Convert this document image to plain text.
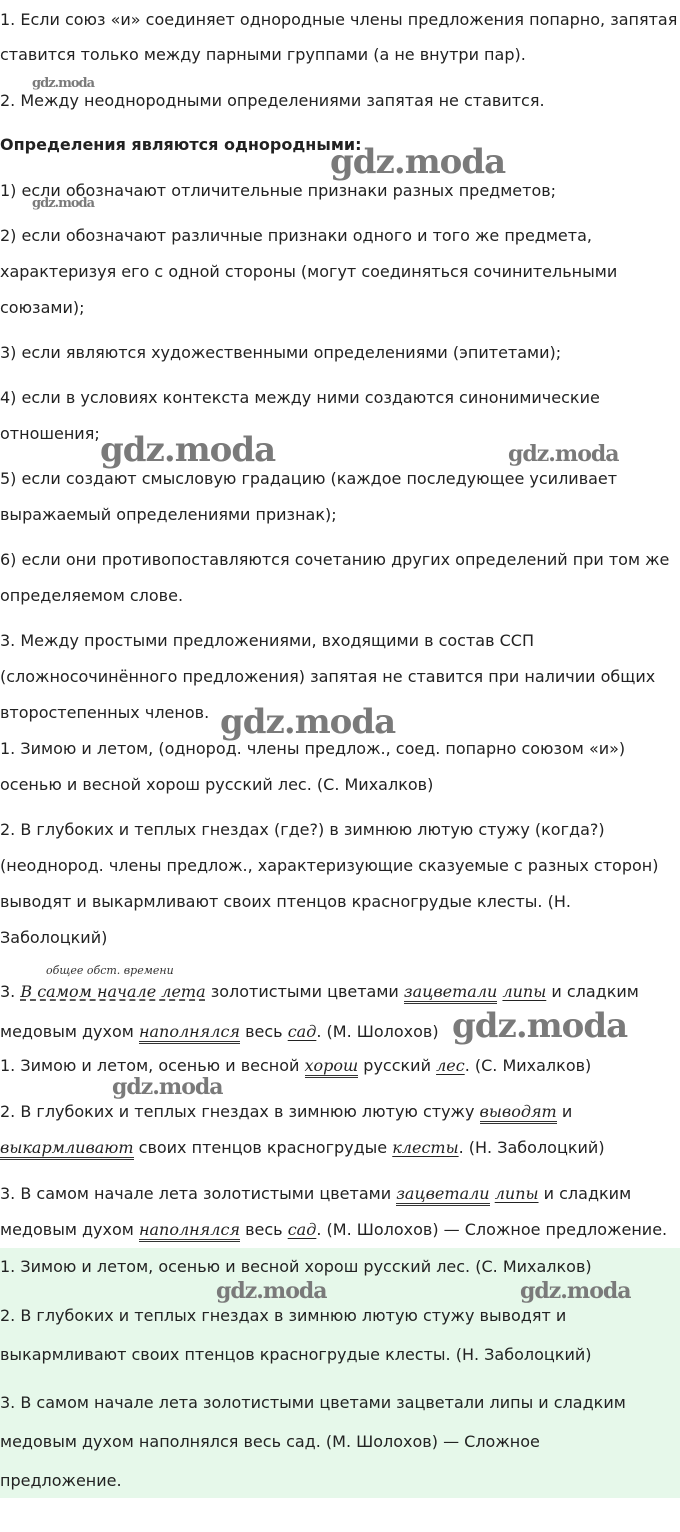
1. Если союз «и» соединяет однородные члены предложения попарно, запятая
ставится только между парными группами (а не внутри пар).
2. Между неоднородными определениями запятая не ставится.
Определения являются однородными:
1) если обозначают отличительные признаки разных предметов;
2) если обозначают различные признаки одного и того же предмета,
характеризуя его с одной стороны (могут соединяться сочинительными
союзами);
3) если являются художественными определениями (эпитетами);
4) если в условиях контекста между ними создаются синонимические
отношения;
5) если создают смысловую градацию (каждое последующее усиливает
выражаемый определениями признак);
6) если они противопоставляются сочетанию других определений при том же
определяемом слове.
3. Между простыми предложениями, входящими в состав ССП
(сложносочинённого предложения) запятая не ставится при наличии общих
второстепенных членов.
1. Зимою и летом, (однород. члены предлож., соед. попарно союзом «и»)
осенью и весной хорош русский лес. (С. Михалков)
2. В глубоких и теплых гнездах (где?) в зимнюю лютую стужу (когда?)
(неоднород. члены предлож., характеризующие сказуемые с разных сторон)
выводят и выкармливают своих птенцов красногрудые клесты. (Н.
Заболоцкий)
общее обст. времени
3. В самом начале лета золотистыми цветами зацветали липы и сладким
медовым духом наполнялся весь сад. (М. Шолохов)
1. Зимою и летом, осенью и весной хорош русский лес. (С. Михалков)
2. В глубоких и теплых гнездах в зимнюю лютую стужу выводят и
выкармливают своих птенцов красногрудые клесты. (Н. Заболоцкий)
3. В самом начале лета золотистыми цветами зацветали липы и сладким
медовым духом наполнялся весь сад. (М. Шолохов) — Сложное предложение.
1. Зимою и летом, осенью и весной хорош русский лес. (С. Михалков)
2. В глубоких и теплых гнездах в зимнюю лютую стужу выводят и
выкармливают своих птенцов красногрудые клесты. (Н. Заболоцкий)
3. В самом начале лета золотистыми цветами зацветали липы и сладким
медовым духом наполнялся весь сад. (М. Шолохов) — Сложное
предложение.
gdz.moda
gdz.moda
gdz.moda
gdz.moda	gdz.moda
gdz.moda
gdz.moda
gdz.moda
gdz.moda	gdz.moda
